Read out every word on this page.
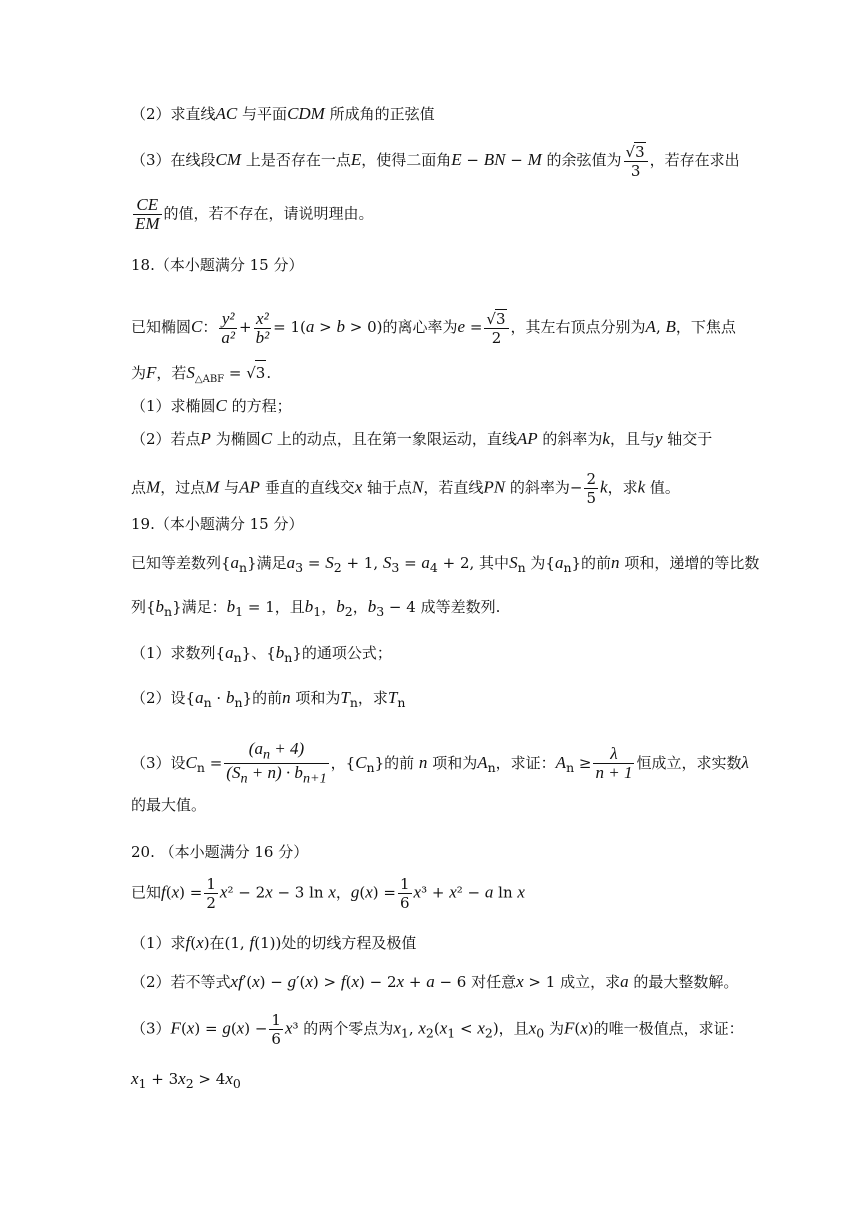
（2）求直线AC 与平面CDM 所成角的正弦值
（3）在线段CM 上是否存在一点E，使得二面角E − BN − M 的余弦值为 $\frac{√3}{3}$ ，若存在求出
$\frac{CE}{EM}$ 的值，若不存在，请说明理由。
18.（本小题满分 15 分）
已知椭圆C： $\frac{\text{y²}}{\text{a²}} + \frac{\text{x²}}{\text{b²}} = 1(a > b > 0)$的离心率为$e = \frac{√3}{2}$ ，其左右顶点分别为A, B，下焦点
为F，若$S_{\triangle ABF} = √3$.
（1）求椭圆C 的方程；
（2）若点P 为椭圆C 上的动点，且在第一象限运动，直线AP 的斜率为k，且与y 轴交于
点M，过点M 与AP 垂直的直线交x 轴于点N，若直线PN 的斜率为− $\frac{2}{5}$ k，求k 值。
19.（本小题满分 15 分）
已知等差数列$\{a_n\}$满足$a_3 = S_2 + 1$, $S_3 = a_4 + 2$, 其中$S_n$ 为$\{a_n\}$的前n 项和，递增的等比数
列$\{b_n\}$满足：$b_1 = 1$，且$b_1$，$b_2$，$b_3 - 4$ 成等差数列.
（1）求数列$\{a_n\}$、$\{b_n\}$的通项公式；
（2）设$\{a_n \cdot b_n\}$的前n 项和为$T_n$，求$T_n$
（3）设$C_n = \frac{(a_n + 4)}{(S_n + n) \cdot b_{n+1}}$ ，$\{C_n\}$的前 n 项和为$A_n$，求证：$A_n \ge \frac{\lambda}{n + 1}$ 恒成立，求实数λ
的最大值。
20. （本小题满分 16 分）
已知$f(x) = \frac{1}{2} x^2 - 2x - 3$ ln x，$g(x) = \frac{1}{6} x^3 + x^2 - a$ ln x
（1）求f(x)在(1, f(1))处的切线方程及极值
（2）若不等式xf′(x) − g′(x) > f(x) − 2x + a − 6 对任意x > 1 成立，求a 的最大整数解。
$(3)F(x) = g(x) - \frac{1}{6} x^3$ 的两个零点为$x_1$, $x_2(x_1 < x_2)$，且$x_0$ 为F(x)的唯一极值点，求证：
$x_1 + 3x_2 > 4x_0$
